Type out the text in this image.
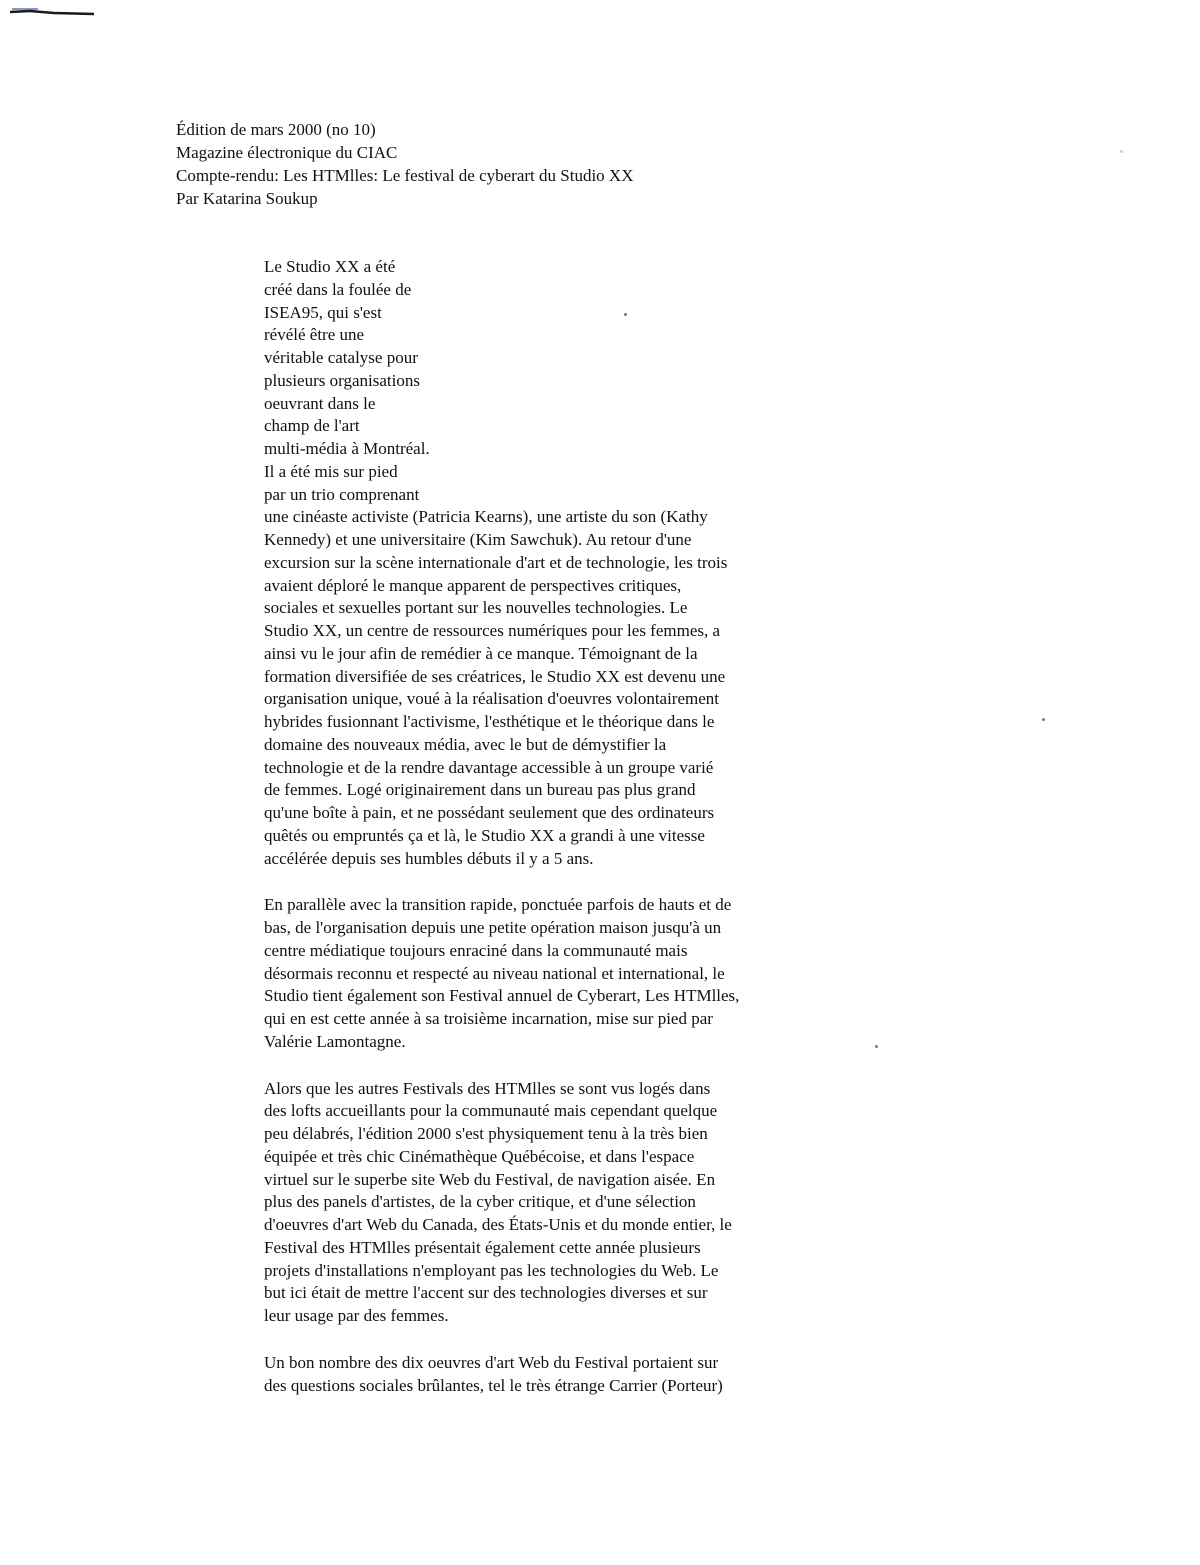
Édition de mars 2000 (no 10)
Magazine électronique du CIAC
Compte-rendu: Les HTMlles: Le festival de cyberart du Studio XX
Par Katarina Soukup
Le Studio XX a été
créé dans la foulée de
ISEA95, qui s'est
révélé être une
véritable catalyse pour
plusieurs organisations
oeuvrant dans le
champ de l'art
multi-média à Montréal.
Il a été mis sur pied
par un trio comprenant
une cinéaste activiste (Patricia Kearns), une artiste du son (Kathy
Kennedy) et une universitaire (Kim Sawchuk). Au retour d'une
excursion sur la scène internationale d'art et de technologie, les trois
avaient déploré le manque apparent de perspectives critiques,
sociales et sexuelles portant sur les nouvelles technologies. Le
Studio XX, un centre de ressources numériques pour les femmes, a
ainsi vu le jour afin de remédier à ce manque. Témoignant de la
formation diversifiée de ses créatrices, le Studio XX est devenu une
organisation unique, voué à la réalisation d'oeuvres volontairement
hybrides fusionnant l'activisme, l'esthétique et le théorique dans le
domaine des nouveaux média, avec le but de démystifier la
technologie et de la rendre davantage accessible à un groupe varié
de femmes. Logé originairement dans un bureau pas plus grand
qu'une boîte à pain, et ne possédant seulement que des ordinateurs
quêtés ou empruntés ça et là, le Studio XX a grandi à une vitesse
accélérée depuis ses humbles débuts il y a 5 ans.
En parallèle avec la transition rapide, ponctuée parfois de hauts et de
bas, de l'organisation depuis une petite opération maison jusqu'à un
centre médiatique toujours enraciné dans la communauté mais
désormais reconnu et respecté au niveau national et international, le
Studio tient également son Festival annuel de Cyberart, Les HTMlles,
qui en est cette année à sa troisième incarnation, mise sur pied par
Valérie Lamontagne.
Alors que les autres Festivals des HTMlles se sont vus logés dans
des lofts accueillants pour la communauté mais cependant quelque
peu délabrés, l'édition 2000 s'est physiquement tenu à la très bien
équipée et très chic Cinémathèque Québécoise, et dans l'espace
virtuel sur le superbe site Web du Festival, de navigation aisée. En
plus des panels d'artistes, de la cyber critique, et d'une sélection
d'oeuvres d'art Web du Canada, des États-Unis et du monde entier, le
Festival des HTMlles présentait également cette année plusieurs
projets d'installations n'employant pas les technologies du Web. Le
but ici était de mettre l'accent sur des technologies diverses et sur
leur usage par des femmes.
Un bon nombre des dix oeuvres d'art Web du Festival portaient sur
des questions sociales brûlantes, tel le très étrange Carrier (Porteur)
